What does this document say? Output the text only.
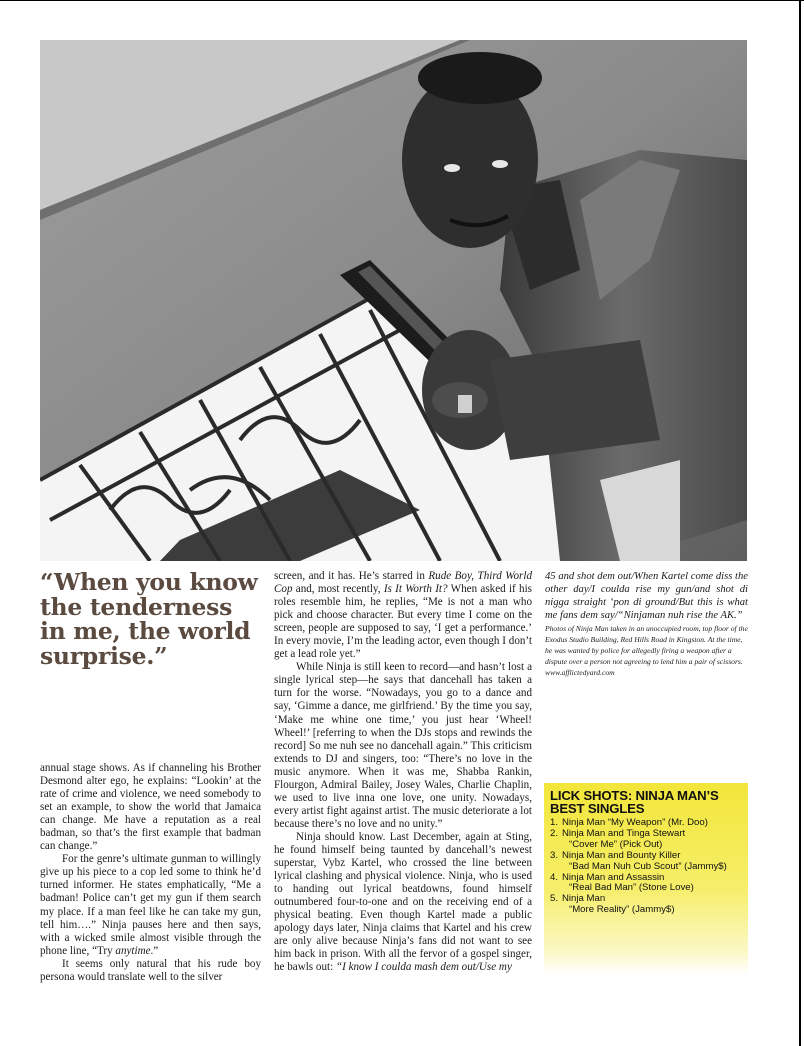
“When you know
the tenderness
in me, the world
surprise.”

annual stage shows. As if channeling his Brother Desmond alter ego, he explains: “Lookin’ at the rate of crime and violence, we need somebody to set an example, to show the world that Jamaica can change. Me have a reputation as a real badman, so that’s the first example that badman can change.”

For the genre’s ultimate gunman to willingly give up his piece to a cop led some to think he’d turned informer. He states emphatically, “Me a badman! Police can’t get my gun if them search my place. If a man feel like he can take my gun, tell him….” Ninja pauses here and then says, with a wicked smile almost visible through the phone line, “Try anytime.”

It seems only natural that his rude boy persona would translate well to the silver

screen, and it has. He’s starred in Rude Boy, Third World Cop and, most recently, Is It Worth It? When asked if his roles resemble him, he replies, “Me is not a man who pick and choose character. But every time I come on the screen, people are supposed to say, ‘I get a performance.’ In every movie, I’m the leading actor, even though I don’t get a lead role yet.”

While Ninja is still keen to record—and hasn’t lost a single lyrical step—he says that dancehall has taken a turn for the worse. “Nowadays, you go to a dance and say, ‘Gimme a dance, me girlfriend.’ By the time you say, ‘Make me whine one time,’ you just hear ‘Wheel! Wheel!’ [referring to when the DJs stops and rewinds the record] So me nuh see no dancehall again.” This criticism extends to DJ and singers, too: “There’s no love in the music anymore. When it was me, Shabba Rankin, Flourgon, Admiral Bailey, Josey Wales, Charlie Chaplin, we used to live inna one love, one unity. Nowadays, every artist fight against artist. The music deteriorate a lot because there’s no love and no unity.”

Ninja should know. Last December, again at Sting, he found himself being taunted by dancehall’s newest superstar, Vybz Kartel, who crossed the line between lyrical clashing and physical violence. Ninja, who is used to handing out lyrical beatdowns, found himself outnumbered four-to-one and on the receiving end of a physical beating. Even though Kartel made a public apology days later, Ninja claims that Kartel and his crew are only alive because Ninja’s fans did not want to see him back in prison. With all the fervor of a gospel singer, he bawls out: “I know I coulda mash dem out/Use my

45 and shot dem out/When Kartel come diss the other day/I coulda rise my gun/and shot di nigga straight ‘pon di ground/But this is what me fans dem say/“Ninjaman nuh rise the AK.”

Photos of Ninja Man taken in an unoccupied room, top floor of the Exodus Studio Building, Red Hills Road in Kingston. At the time, he was wanted by police for allegedly firing a weapon after a dispute over a person not agreeing to lend him a pair of scissors. www.afflictedyard.com

LICK SHOTS: NINJA MAN’S
BEST SINGLES
1. Ninja Man “My Weapon” (Mr. Doo)
2. Ninja Man and Tinga Stewart
“Cover Me” (Pick Out)
3. Ninja Man and Bounty Killer
“Bad Man Nuh Cub Scout” (Jammy$)
4. Ninja Man and Assassin
“Real Bad Man” (Stone Love)
5. Ninja Man
“More Reality” (Jammy$)
